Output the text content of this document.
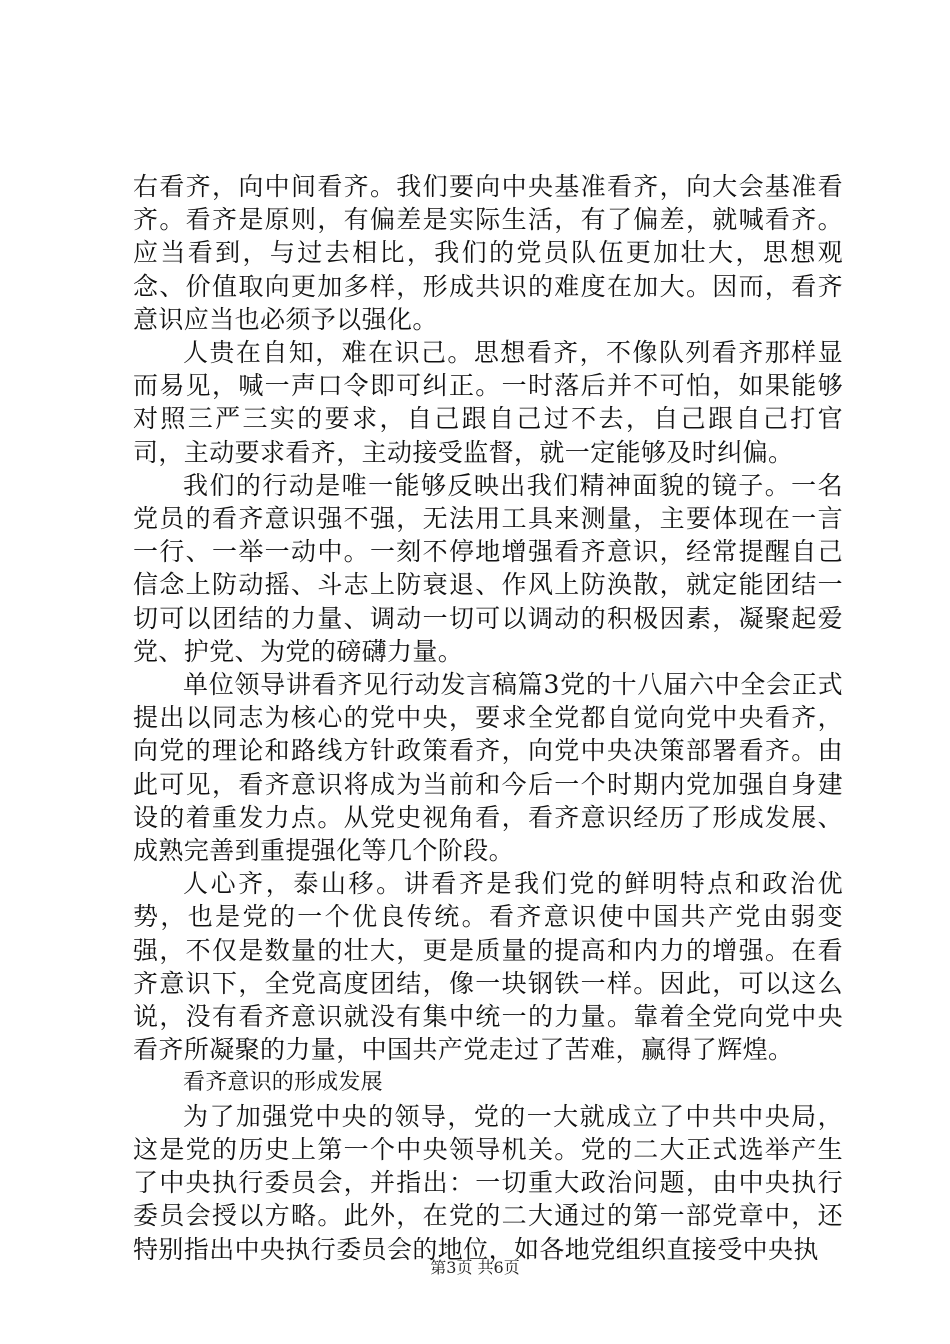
右看齐，向中间看齐。我们要向中央基准看齐，向大会基准看齐。看齐是原则，有偏差是实际生活，有了偏差，就喊看齐。应当看到，与过去相比，我们的党员队伍更加壮大，思想观念、价值取向更加多样，形成共识的难度在加大。因而，看齐意识应当也必须予以强化。

人贵在自知，难在识己。思想看齐，不像队列看齐那样显而易见，喊一声口令即可纠正。一时落后并不可怕，如果能够对照三严三实的要求，自己跟自己过不去，自己跟自己打官司，主动要求看齐，主动接受监督，就一定能够及时纠偏。

我们的行动是唯一能够反映出我们精神面貌的镜子。一名党员的看齐意识强不强，无法用工具来测量，主要体现在一言一行、一举一动中。一刻不停地增强看齐意识，经常提醒自己信念上防动摇、斗志上防衰退、作风上防涣散，就定能团结一切可以团结的力量、调动一切可以调动的积极因素，凝聚起爱党、护党、为党的磅礴力量。

单位领导讲看齐见行动发言稿篇3党的十八届六中全会正式提出以同志为核心的党中央，要求全党都自觉向党中央看齐，向党的理论和路线方针政策看齐，向党中央决策部署看齐。由此可见，看齐意识将成为当前和今后一个时期内党加强自身建设的着重发力点。从党史视角看，看齐意识经历了形成发展、成熟完善到重提强化等几个阶段。

人心齐，泰山移。讲看齐是我们党的鲜明特点和政治优势，也是党的一个优良传统。看齐意识使中国共产党由弱变强，不仅是数量的壮大，更是质量的提高和内力的增强。在看齐意识下，全党高度团结，像一块钢铁一样。因此，可以这么说，没有看齐意识就没有集中统一的力量。靠着全党向党中央看齐所凝聚的力量，中国共产党走过了苦难，赢得了辉煌。

看齐意识的形成发展

为了加强党中央的领导，党的一大就成立了中共中央局，这是党的历史上第一个中央领导机关。党的二大正式选举产生了中央执行委员会，并指出：一切重大政治问题，由中央执行委员会授以方略。此外，在党的二大通过的第一部党章中，还特别指出中央执行委员会的地位，如各地党组织直接受中央执

第3页 共6页
